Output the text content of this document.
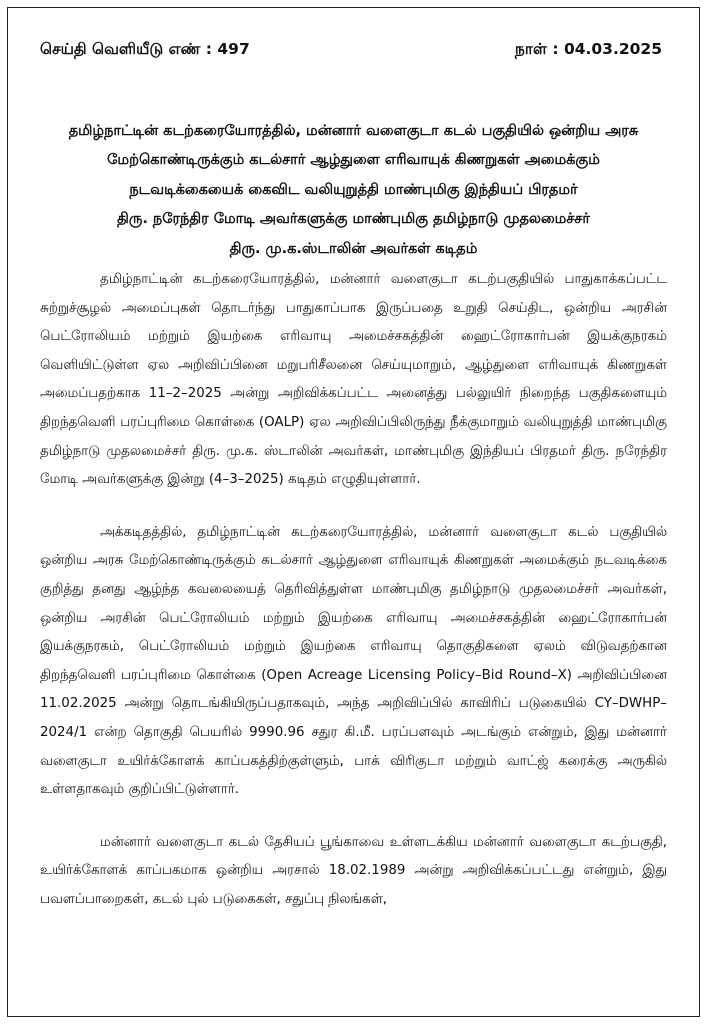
செய்தி வெளியீடு எண் : 497	நாள் : 04.03.2025
தமிழ்நாட்டின் கடற்கரையோரத்தில், மன்னார் வளைகுடா கடல் பகுதியில் ஒன்றிய அரசு
மேற்கொண்டிருக்கும் கடல்சார் ஆழ்துளை எரிவாயுக் கிணறுகள் அமைக்கும்
நடவடிக்கையைக் கைவிட வலியுறுத்தி மாண்புமிகு இந்தியப் பிரதமர்
திரு. நரேந்திர மோடி அவர்களுக்கு மாண்புமிகு தமிழ்நாடு முதலமைச்சர்
திரு. மு.க.ஸ்டாலின் அவர்கள் கடிதம்

தமிழ்நாட்டின் கடற்கரையோரத்தில், மன்னார் வளைகுடா கடற்பகுதியில் பாதுகாக்கப்பட்ட சுற்றுச்சூழல் அமைப்புகள் தொடர்ந்து பாதுகாப்பாக இருப்பதை உறுதி செய்திட, ஒன்றிய அரசின் பெட்ரோலியம் மற்றும் இயற்கை எரிவாயு அமைச்சகத்தின் ஹைட்ரோகார்பன் இயக்குநரகம் வெளியிட்டுள்ள ஏல அறிவிப்பினை மறுபரிசீலனை செய்யுமாறும், ஆழ்துளை எரிவாயுக் கிணறுகள் அமைப்பதற்காக 11–2–2025 அன்று அறிவிக்கப்பட்ட அனைத்து பல்லுயிர் நிறைந்த பகுதிகளையும் திறந்தவெளி பரப்புரிமை கொள்கை (OALP) ஏல அறிவிப்பிலிருந்து நீக்குமாறும் வலியுறுத்தி மாண்புமிகு தமிழ்நாடு முதலமைச்சர் திரு. மு.க. ஸ்டாலின் அவர்கள், மாண்புமிகு இந்தியப் பிரதமர் திரு. நரேந்திர மோடி அவர்களுக்கு இன்று (4–3–2025) கடிதம் எழுதியுள்ளார்.

அக்கடிதத்தில், தமிழ்நாட்டின் கடற்கரையோரத்தில், மன்னார் வளைகுடா கடல் பகுதியில் ஒன்றிய அரசு மேற்கொண்டிருக்கும் கடல்சார் ஆழ்துளை எரிவாயுக் கிணறுகள் அமைக்கும் நடவடிக்கை குறித்து தனது ஆழ்ந்த கவலையைத் தெரிவித்துள்ள மாண்புமிகு தமிழ்நாடு முதலமைச்சர் அவர்கள், ஒன்றிய அரசின் பெட்ரோலியம் மற்றும் இயற்கை எரிவாயு அமைச்சகத்தின் ஹைட்ரோகார்பன் இயக்குநரகம், பெட்ரோலியம் மற்றும் இயற்கை எரிவாயு தொகுதிகளை ஏலம் விடுவதற்கான திறந்தவெளி பரப்புரிமை கொள்கை (Open Acreage Licensing Policy–Bid Round–X) அறிவிப்பினை 11.02.2025 அன்று தொடங்கியிருப்பதாகவும், அந்த அறிவிப்பில் காவிரிப் படுகையில் CY–DWHP–2024/1 என்ற தொகுதி பெயரில் 9990.96 சதுர கி.மீ. பரப்பளவும் அடங்கும் என்றும், இது மன்னார் வளைகுடா உயிர்க்கோளக் காப்பகத்திற்குள்ளும், பாக் விரிகுடா மற்றும் வாட்ஜ் கரைக்கு அருகில் உள்ளதாகவும் குறிப்பிட்டுள்ளார்.

மன்னார் வளைகுடா கடல் தேசியப் பூங்காவை உள்ளடக்கிய மன்னார் வளைகுடா கடற்பகுதி, உயிர்க்கோளக் காப்பகமாக ஒன்றிய அரசால் 18.02.1989 அன்று அறிவிக்கப்பட்டது என்றும், இது பவளப்பாறைகள், கடல் புல் படுகைகள், சதுப்பு நிலங்கள்,
